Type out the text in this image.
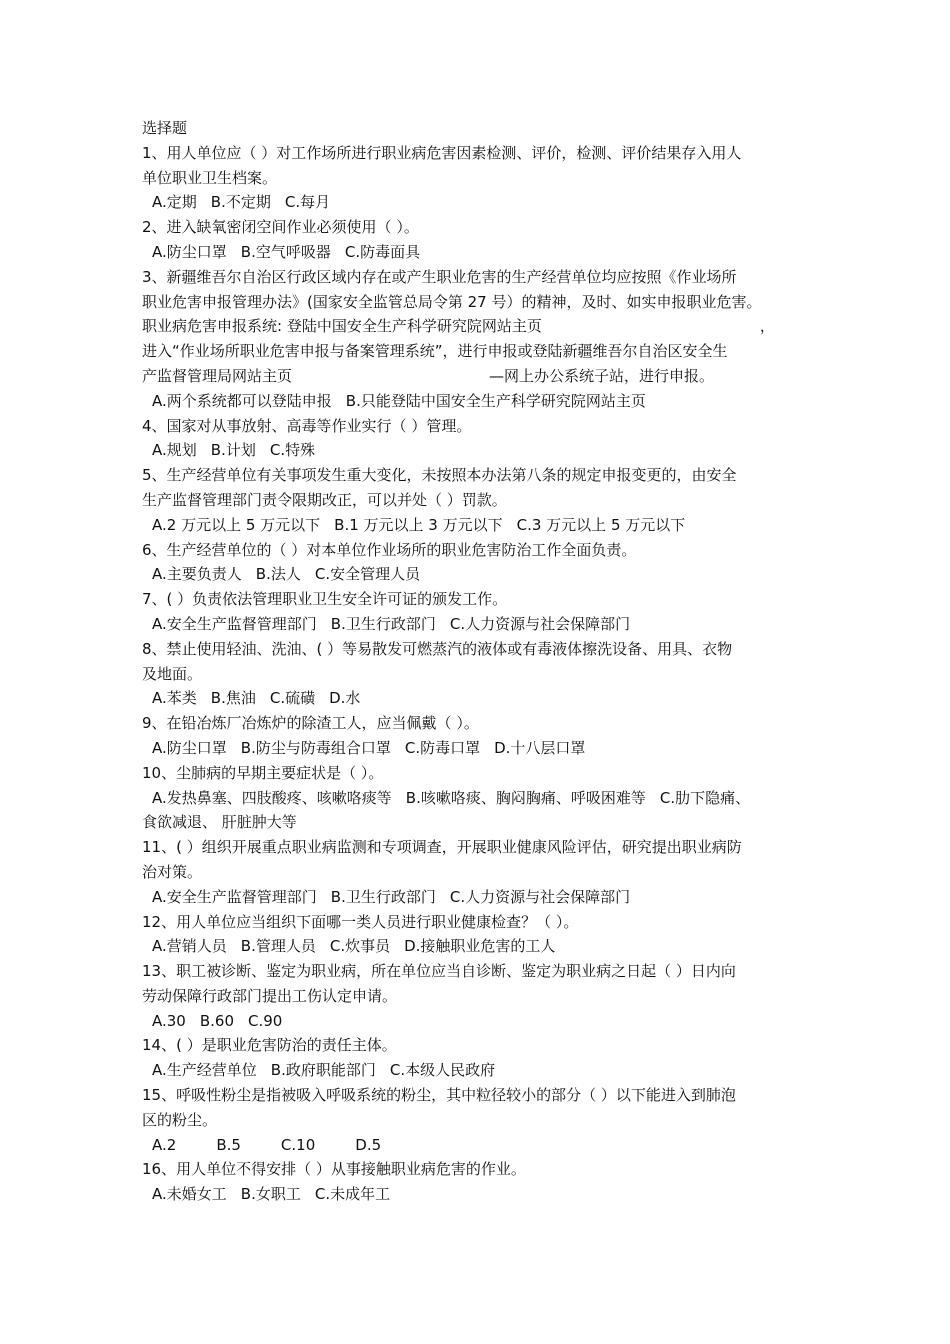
选择题
1、用人单位应（ ）对工作场所进行职业病危害因素检测、评价，检测、评价结果存入用人
单位职业卫生档案。
A.定期 B.不定期 C.每月
2、进入缺氧密闭空间作业必须使用（ ）。
A.防尘口罩 B.空气呼吸器 C.防毒面具
3、新疆维吾尔自治区行政区域内存在或产生职业危害的生产经营单位均应按照《作业场所
职业危害申报管理办法》(国家安全监管总局令第 27 号）的精神，及时、如实申报职业危害。
职业病危害申报系统: 登陆中国安全生产科学研究院网站主页	，
进入“作业场所职业危害申报与备案管理系统”，进行申报或登陆新疆维吾尔自治区安全生
产监督管理局网站主页	—网上办公系统子站，进行申报。
A.两个系统都可以登陆申报 B.只能登陆中国安全生产科学研究院网站主页
4、国家对从事放射、高毒等作业实行（ ）管理。
A.规划 B.计划 C.特殊
5、生产经营单位有关事项发生重大变化，未按照本办法第八条的规定申报变更的，由安全
生产监督管理部门责令限期改正，可以并处（ ）罚款。
A.2 万元以上 5 万元以下 B.1 万元以上 3 万元以下 C.3 万元以上 5 万元以下
6、生产经营单位的（ ）对本单位作业场所的职业危害防治工作全面负责。
A.主要负责人 B.法人 C.安全管理人员
7、( ）负责依法管理职业卫生安全许可证的颁发工作。
A.安全生产监督管理部门 B.卫生行政部门 C.人力资源与社会保障部门
8、禁止使用轻油、洗油、( ）等易散发可燃蒸汽的液体或有毒液体擦洗设备、用具、衣物
及地面。
A.苯类 B.焦油 C.硫磺 D.水
9、在铅冶炼厂冶炼炉的除渣工人，应当佩戴（ ）。
A.防尘口罩 B.防尘与防毒组合口罩 C.防毒口罩 D.十八层口罩
10、尘肺病的早期主要症状是（ ）。
A.发热鼻塞、四肢酸疼、咳嗽咯痰等 B.咳嗽咯痰、胸闷胸痛、呼吸困难等 C.肋下隐痛、
食欲减退、 肝脏肿大等
11、( ）组织开展重点职业病监测和专项调查，开展职业健康风险评估，研究提出职业病防
治对策。
A.安全生产监督管理部门 B.卫生行政部门 C.人力资源与社会保障部门
12、用人单位应当组织下面哪一类人员进行职业健康检查？（ ）。
A.营销人员 B.管理人员 C.炊事员 D.接触职业危害的工人
13、职工被诊断、鉴定为职业病，所在单位应当自诊断、鉴定为职业病之日起（ ）日内向
劳动保障行政部门提出工伤认定申请。
A.30 B.60 C.90
14、( ）是职业危害防治的责任主体。
A.生产经营单位 B.政府职能部门 C.本级人民政府
15、呼吸性粉尘是指被吸入呼吸系统的粉尘，其中粒径较小的部分（ ）以下能进入到肺泡
区的粉尘。
A.2	B.5	C.10	D.5
16、用人单位不得安排（ ）从事接触职业病危害的作业。
A.未婚女工 B.女职工 C.未成年工
